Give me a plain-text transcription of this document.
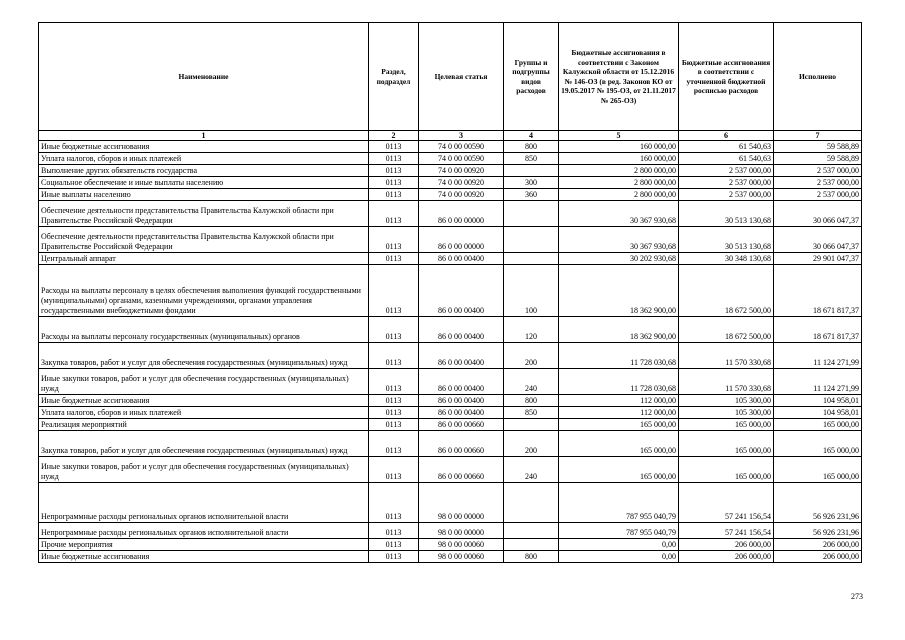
Наименование	Раздел, подраздел	Целевая статья	Группы и подгруппы видов расходов	Бюджетные ассигнования в соответствии с Законом Калужской области от 15.12.2016 № 146-ОЗ (в ред. Законов КО от 19.05.2017 № 195-ОЗ, от 21.11.2017 № 265-ОЗ)	Бюджетные ассигнования в соответствии с уточненной бюджетной росписью расходов	Исполнено
1	2	3	4	5	6	7
Иные бюджетные ассигнования	0113	74 0 00 00590	800	160 000,00	61 540,63	59 588,89
Уплата налогов, сборов и иных платежей	0113	74 0 00 00590	850	160 000,00	61 540,63	59 588,89
Выполнение других обязательств государства	0113	74 0 00 00920		2 800 000,00	2 537 000,00	2 537 000,00
Социальное обеспечение и иные выплаты населению	0113	74 0 00 00920	300	2 800 000,00	2 537 000,00	2 537 000,00
Иные выплаты населению	0113	74 0 00 00920	360	2 800 000,00	2 537 000,00	2 537 000,00
Обеспечение деятельности представительства Правительства Калужской области при Правительстве Российской Федерации	0113	86 0 00 00000		30 367 930,68	30 513 130,68	30 066 047,37
Обеспечение деятельности представительства Правительства Калужской области при Правительстве Российской Федерации	0113	86 0 00 00000		30 367 930,68	30 513 130,68	30 066 047,37
Центральный аппарат	0113	86 0 00 00400		30 202 930,68	30 348 130,68	29 901 047,37
Расходы на выплаты персоналу в целях обеспечения выполнения функций государственными (муниципальными) органами, казенными учреждениями, органами управления государственными внебюджетными фондами	0113	86 0 00 00400	100	18 362 900,00	18 672 500,00	18 671 817,37
Расходы на выплаты персоналу государственных (муниципальных) органов	0113	86 0 00 00400	120	18 362 900,00	18 672 500,00	18 671 817,37
Закупка товаров, работ и услуг для обеспечения государственных (муниципальных) нужд	0113	86 0 00 00400	200	11 728 030,68	11 570 330,68	11 124 271,99
Иные закупки товаров, работ и услуг для обеспечения государственных (муниципальных) нужд	0113	86 0 00 00400	240	11 728 030,68	11 570 330,68	11 124 271,99
Иные бюджетные ассигнования	0113	86 0 00 00400	800	112 000,00	105 300,00	104 958,01
Уплата налогов, сборов и иных платежей	0113	86 0 00 00400	850	112 000,00	105 300,00	104 958,01
Реализация мероприятий	0113	86 0 00 00660		165 000,00	165 000,00	165 000,00
Закупка товаров, работ и услуг для обеспечения государственных (муниципальных) нужд	0113	86 0 00 00660	200	165 000,00	165 000,00	165 000,00
Иные закупки товаров, работ и услуг для обеспечения государственных (муниципальных) нужд	0113	86 0 00 00660	240	165 000,00	165 000,00	165 000,00
Непрограммные расходы региональных органов исполнительной власти	0113	98 0 00 00000		787 955 040,79	57 241 156,54	56 926 231,96
Непрограммные расходы региональных органов исполнительной власти	0113	98 0 00 00000		787 955 040,79	57 241 156,54	56 926 231,96
Прочие мероприятия	0113	98 0 00 00060		0,00	206 000,00	206 000,00
Иные бюджетные ассигнования	0113	98 0 00 00060	800	0,00	206 000,00	206 000,00
273
